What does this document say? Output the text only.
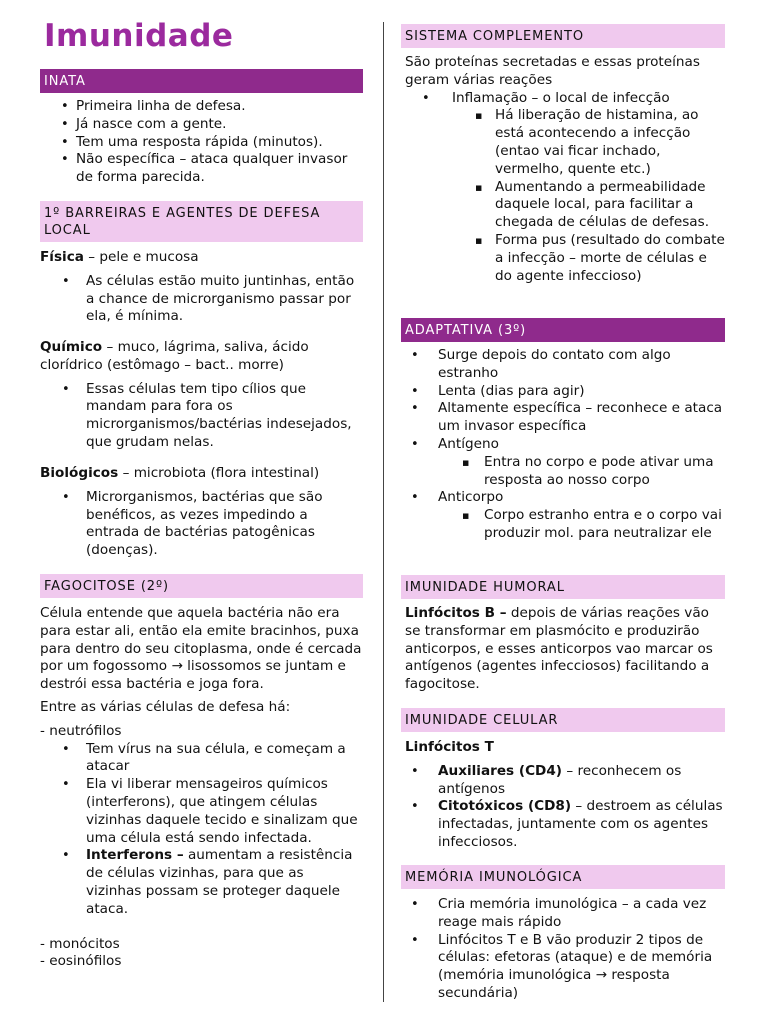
Imunidade
INATA
• Primeira linha de defesa.
• Já nasce com a gente.
• Tem uma resposta rápida (minutos).
• Não específica – ataca qualquer invasor de forma parecida.
1º BARREIRAS E AGENTES DE DEFESA LOCAL

Física – pele e mucosa

• As células estão muito juntinhas, então a chance de microrganismo passar por ela, é mínima.

Químico – muco, lágrima, saliva, ácido clorídrico (estômago – bact.. morre)

• Essas células tem tipo cílios que mandam para fora os microrganismos/bactérias indesejados, que grudam nelas.

Biológicos – microbiota (flora intestinal)

• Microrganismos, bactérias que são benéficos, as vezes impedindo a entrada de bactérias patogênicas (doenças).
FAGOCITOSE (2º)

Célula entende que aquela bactéria não era para estar ali, então ela emite bracinhos, puxa para dentro do seu citoplasma, onde é cercada por um fogossomo → lisossomos se juntam e destrói essa bactéria e joga fora.

Entre as várias células de defesa há:

- neutrófilos

• Tem vírus na sua célula, e começam a atacar
• Ela vi liberar mensageiros químicos (interferons), que atingem células vizinhas daquele tecido e sinalizam que uma célula está sendo infectada.
• Interferons – aumentam a resistência de células vizinhas, para que as vizinhas possam se proteger daquele ataca.

- monócitos

- eosinófilos

SISTEMA COMPLEMENTO

São proteínas secretadas e essas proteínas geram várias reações

• Inflamação – o local de infecção
▪ Há liberação de histamina, ao está acontecendo a infecção (entao vai ficar inchado, vermelho, quente etc.)
▪ Aumentando a permeabilidade daquele local, para facilitar a chegada de células de defesas.
▪ Forma pus (resultado do combate a infecção – morte de células e do agente infeccioso)
ADAPTATIVA (3º)
• Surge depois do contato com algo estranho
• Lenta (dias para agir)
• Altamente específica – reconhece e ataca um invasor específica
• Antígeno
▪ Entra no corpo e pode ativar uma resposta ao nosso corpo
• Anticorpo
▪ Corpo estranho entra e o corpo vai produzir mol. para neutralizar ele
IMUNIDADE HUMORAL

Linfócitos B – depois de várias reações vão se transformar em plasmócito e produzirão anticorpos, e esses anticorpos vao marcar os antígenos (agentes infecciosos) facilitando a fagocitose.

IMUNIDADE CELULAR

Linfócitos T

• Auxiliares (CD4) – reconhecem os antígenos
• Citotóxicos (CD8) – destroem as células infectadas, juntamente com os agentes infecciosos.
MEMÓRIA IMUNOLÓGICA
• Cria memória imunológica – a cada vez reage mais rápido
• Linfócitos T e B vão produzir 2 tipos de células: efetoras (ataque) e de memória (memória imunológica → resposta secundária)
